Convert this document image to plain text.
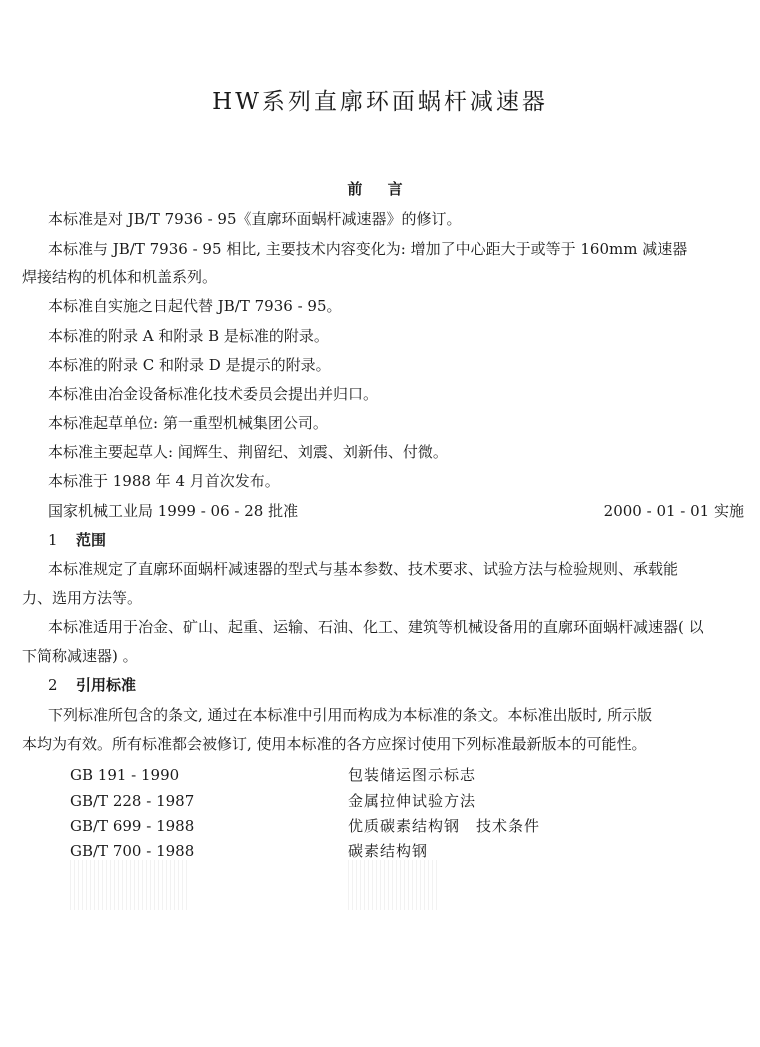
HW系列直廓环面蜗杆减速器
前 言
本标准是对 JB/T 7936 - 95《直廓环面蜗杆减速器》的修订。
本标准与 JB/T 7936 - 95 相比, 主要技术内容变化为: 增加了中心距大于或等于 160mm 减速器
焊接结构的机体和机盖系列。
本标准自实施之日起代替 JB/T 7936 - 95。
本标准的附录 A 和附录 B 是标准的附录。
本标准的附录 C 和附录 D 是提示的附录。
本标准由冶金设备标准化技术委员会提出并归口。
本标准起草单位: 第一重型机械集团公司。
本标准主要起草人: 闻辉生、荆留纪、刘震、刘新伟、付微。
本标准于 1988 年 4 月首次发布。
国家机械工业局 1999 - 06 - 28 批准	2000 - 01 - 01 实施
1 范围
本标准规定了直廓环面蜗杆减速器的型式与基本参数、技术要求、试验方法与检验规则、承载能
力、选用方法等。
本标准适用于冶金、矿山、起重、运输、石油、化工、建筑等机械设备用的直廓环面蜗杆减速器( 以
下简称减速器) 。
2 引用标准
下列标准所包含的条文, 通过在本标准中引用而构成为本标准的条文。本标准出版时, 所示版
本均为有效。所有标准都会被修订, 使用本标准的各方应探讨使用下列标准最新版本的可能性。
GB 191 - 1990	包装储运图示标志
GB/T 228 - 1987	金属拉伸试验方法
GB/T 699 - 1988	优质碳素结构钢　技术条件
GB/T 700 - 1988	碳素结构钢
